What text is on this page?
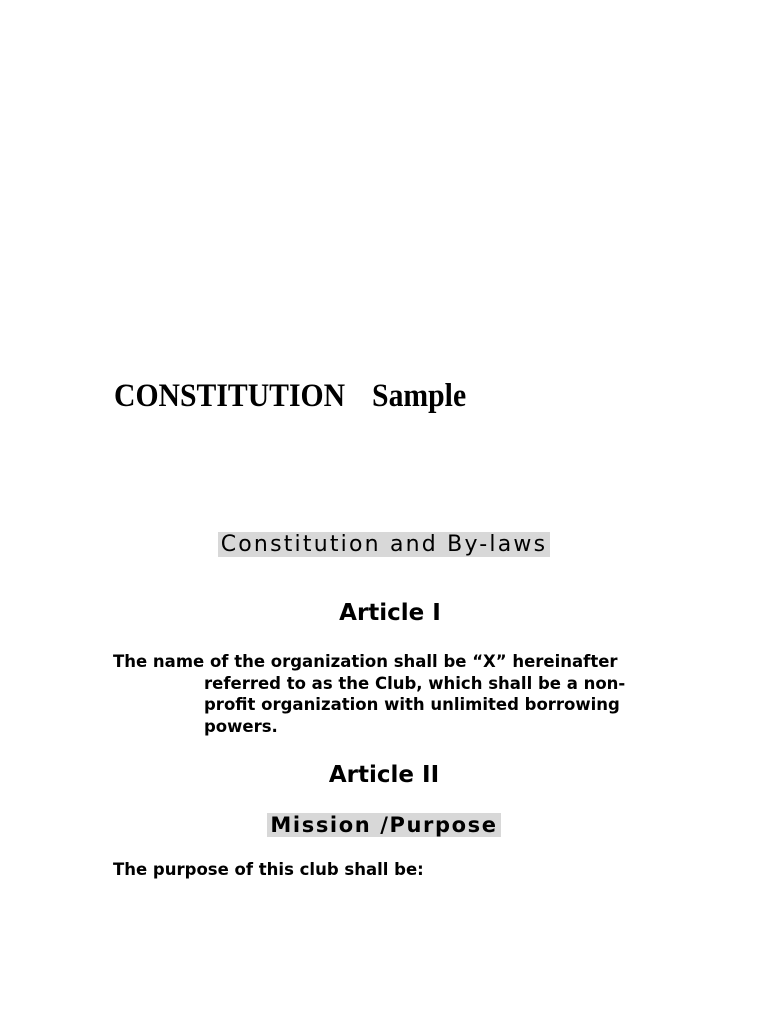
CONSTITUTION Sample
Constitution and By-laws
Article I

The name of the organization shall be “X” hereinafter referred to as the Club, which shall be a non-profit organization with unlimited borrowing powers.

Article II
Mission /Purpose

The purpose of this club shall be:
